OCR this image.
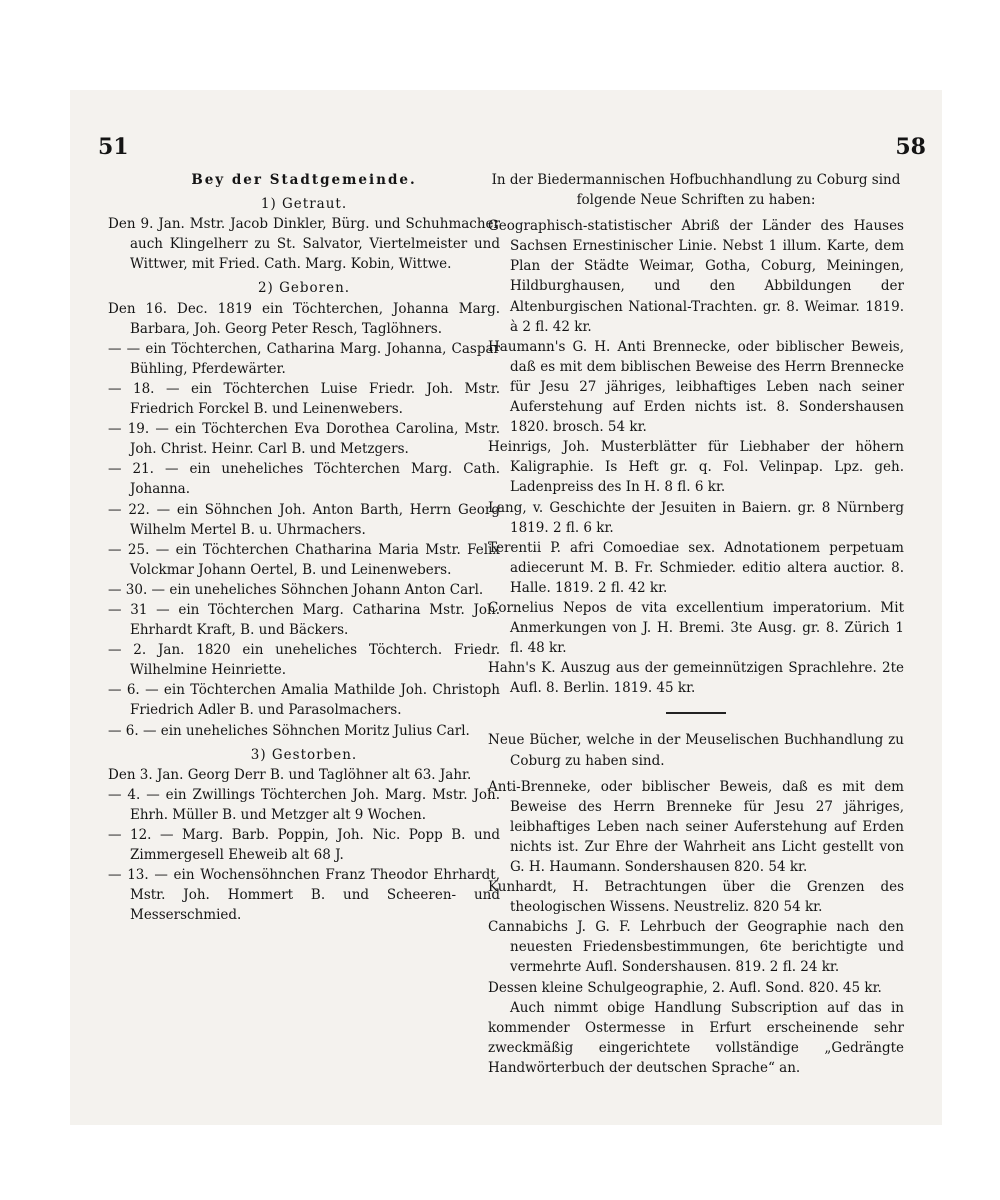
51	58

Bey der Stadtgemeinde.

1) Getraut.

Den 9. Jan. Mstr. Jacob Dinkler, Bürg. und Schuhmacher auch Klingelherr zu St. Salvator, Viertelmeister und Wittwer, mit Fried. Cath. Marg. Kobin, Wittwe.

2) Geboren.

Den 16. Dec. 1819 ein Töchterchen, Johanna Marg. Barbara, Joh. Georg Peter Resch, Taglöhners.

— — ein Töchterchen, Catharina Marg. Johanna, Caspar Bühling, Pferdewärter.

— 18. — ein Töchterchen Luise Friedr. Joh. Mstr. Friedrich Forckel B. und Leinenwebers.

— 19. — ein Töchterchen Eva Dorothea Carolina, Mstr. Joh. Christ. Heinr. Carl B. und Metzgers.

— 21. — ein uneheliches Töchterchen Marg. Cath. Johanna.

— 22. — ein Söhnchen Joh. Anton Barth, Herrn Georg Wilhelm Mertel B. u. Uhrmachers.

— 25. — ein Töchterchen Chatharina Maria Mstr. Felix Volckmar Johann Oertel, B. und Leinenwebers.

— 30. — ein uneheliches Söhnchen Johann Anton Carl.

— 31 — ein Töchterchen Marg. Catharina Mstr. Joh. Ehrhardt Kraft, B. und Bäckers.

— 2. Jan. 1820 ein uneheliches Töchterch. Friedr. Wilhelmine Heinriette.

— 6. — ein Töchterchen Amalia Mathilde Joh. Christoph Friedrich Adler B. und Parasolmachers.

— 6. — ein uneheliches Söhnchen Moritz Julius Carl.

3) Gestorben.

Den 3. Jan. Georg Derr B. und Taglöhner alt 63. Jahr.

— 4. — ein Zwillings Töchterchen Joh. Marg. Mstr. Joh. Ehrh. Müller B. und Metzger alt 9 Wochen.

— 12. — Marg. Barb. Poppin, Joh. Nic. Popp B. und Zimmergesell Eheweib alt 68 J.

— 13. — ein Wochensöhnchen Franz Theodor Ehrhardt, Mstr. Joh. Hommert B. und Scheeren- und Messerschmied.

In der Biedermannischen Hofbuchhandlung zu Coburg sind folgende Neue Schriften zu haben:

Geographisch-statistischer Abriß der Länder des Hauses Sachsen Ernestinischer Linie. Nebst 1 illum. Karte, dem Plan der Städte Weimar, Gotha, Coburg, Meiningen, Hildburghausen, und den Abbildungen der Altenburgischen National-Trachten. gr. 8. Weimar. 1819. à 2 fl. 42 kr.

Haumann's G. H. Anti Brennecke, oder biblischer Beweis, daß es mit dem biblischen Beweise des Herrn Brennecke für Jesu 27 jähriges, leibhaftiges Leben nach seiner Auferstehung auf Erden nichts ist. 8. Sondershausen 1820. brosch. 54 kr.

Heinrigs, Joh. Musterblätter für Liebhaber der höhern Kaligraphie. Is Heft gr. q. Fol. Velinpap. Lpz. geh. Ladenpreiss des In H. 8 fl. 6 kr.

Lang, v. Geschichte der Jesuiten in Baiern. gr. 8 Nürnberg 1819. 2 fl. 6 kr.

Terentii P. afri Comoediae sex. Adnotationem perpetuam adiecerunt M. B. Fr. Schmieder. editio altera auctior. 8. Halle. 1819. 2 fl. 42 kr.

Cornelius Nepos de vita excellentium imperatorium. Mit Anmerkungen von J. H. Bremi. 3te Ausg. gr. 8. Zürich 1 fl. 48 kr.

Hahn's K. Auszug aus der gemeinnützigen Sprachlehre. 2te Aufl. 8. Berlin. 1819. 45 kr.

Neue Bücher, welche in der Meuselischen Buchhandlung zu Coburg zu haben sind.

Anti-Brenneke, oder biblischer Beweis, daß es mit dem Beweise des Herrn Brenneke für Jesu 27 jähriges, leibhaftiges Leben nach seiner Auferstehung auf Erden nichts ist. Zur Ehre der Wahrheit ans Licht gestellt von G. H. Haumann. Sondershausen 820. 54 kr.

Kunhardt, H. Betrachtungen über die Grenzen des theologischen Wissens. Neustreliz. 820 54 kr.

Cannabichs J. G. F. Lehrbuch der Geographie nach den neuesten Friedensbestimmungen, 6te berichtigte und vermehrte Aufl. Sondershausen. 819. 2 fl. 24 kr.

Dessen kleine Schulgeographie, 2. Aufl. Sond. 820. 45 kr.

Auch nimmt obige Handlung Subscription auf das in kommender Ostermesse in Erfurt erscheinende sehr zweckmäßig eingerichtete vollständige „Gedrängte Handwörterbuch der deutschen Sprache“ an.
